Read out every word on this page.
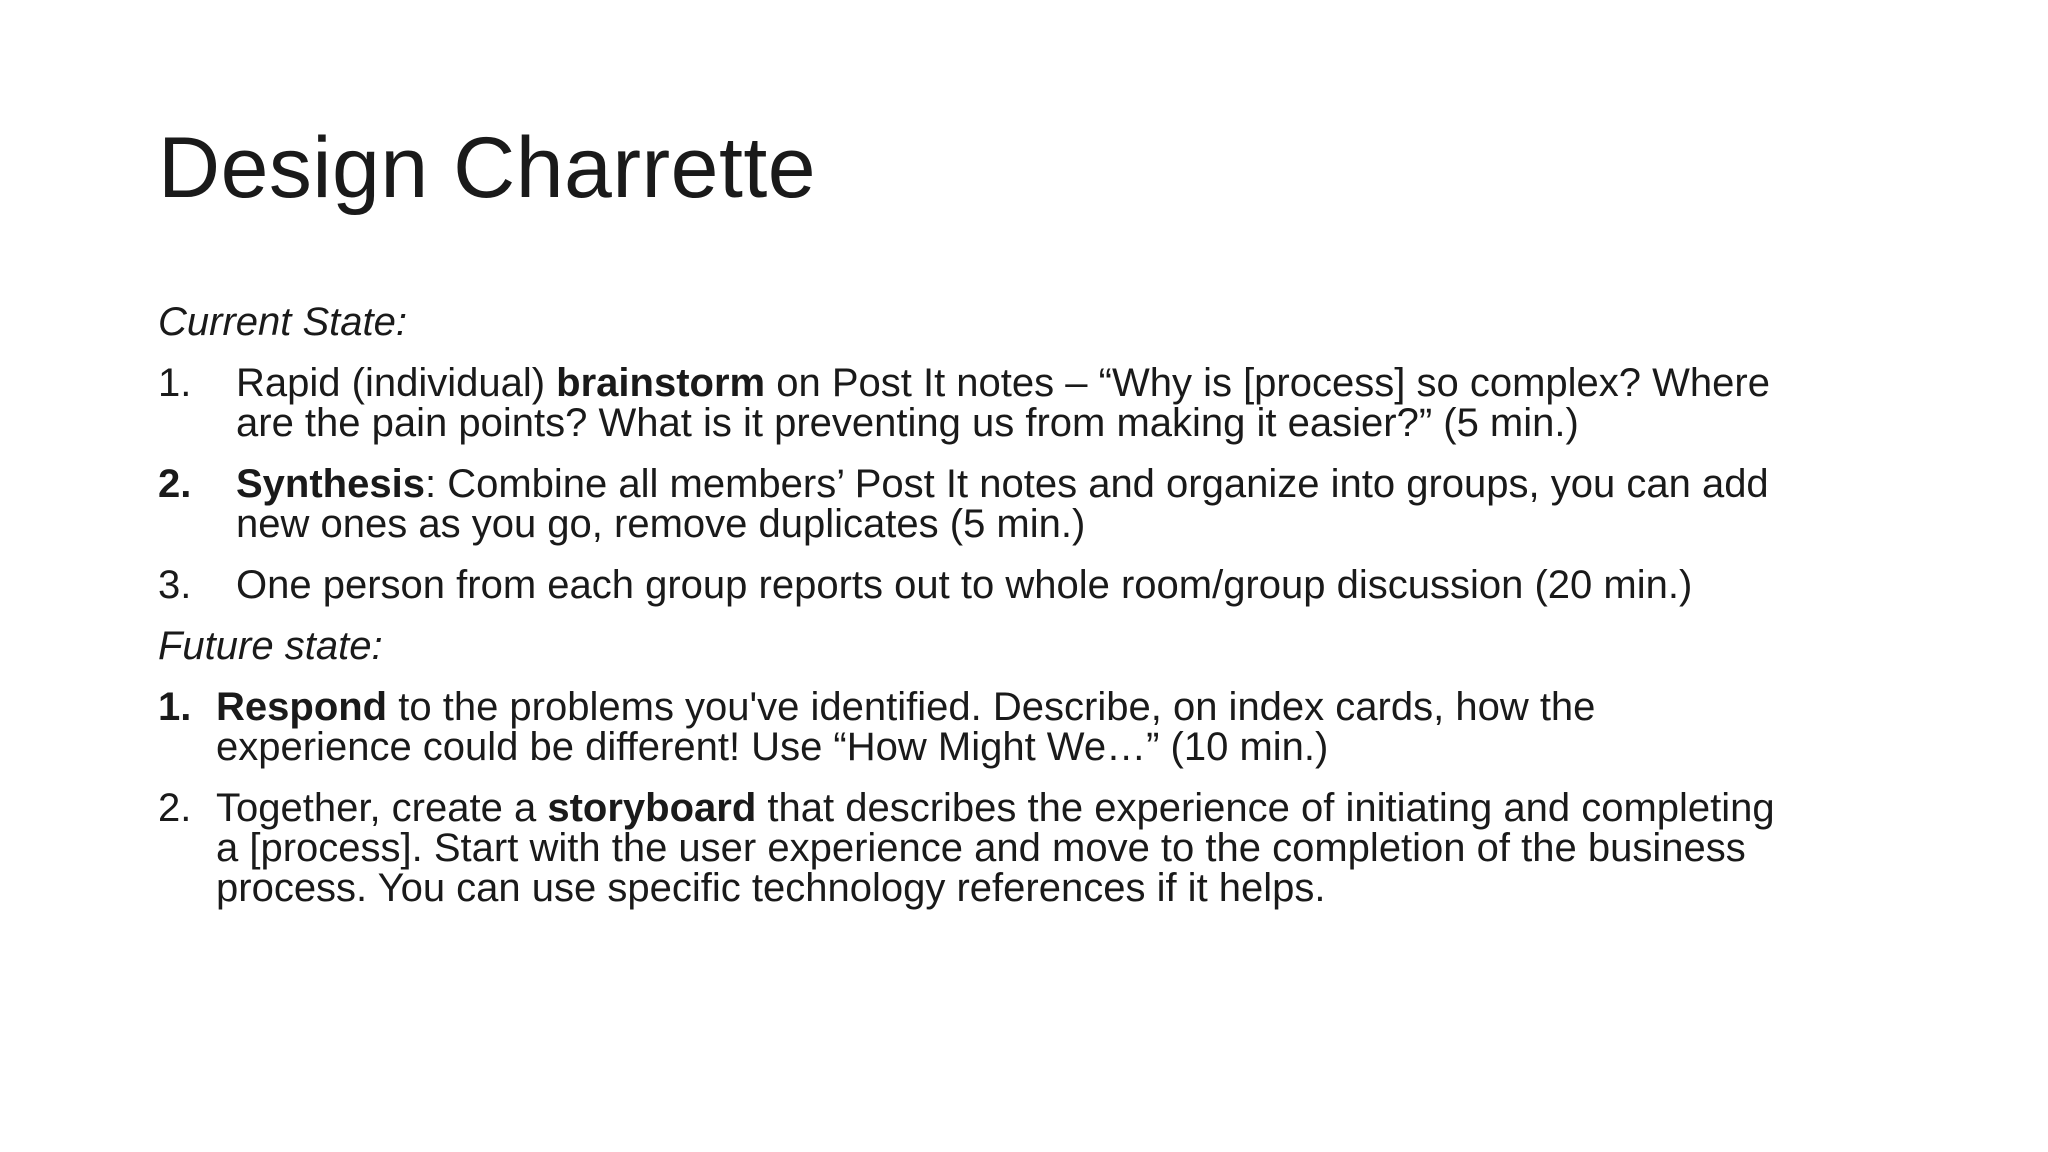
Design Charrette
Current State:
1. Rapid (individual) brainstorm on Post It notes – “Why is [process] so complex? Where
are the pain points? What is it preventing us from making it easier?” (5 min.)
2. Synthesis: Combine all members’ Post It notes and organize into groups, you can add
new ones as you go, remove duplicates (5 min.)
3. One person from each group reports out to whole room/group discussion (20 min.)
Future state:
1. Respond to the problems you've identified. Describe, on index cards, how the
experience could be different! Use “How Might We…” (10 min.)
2. Together, create a storyboard that describes the experience of initiating and completing
a [process]. Start with the user experience and move to the completion of the business
process. You can use specific technology references if it helps.
